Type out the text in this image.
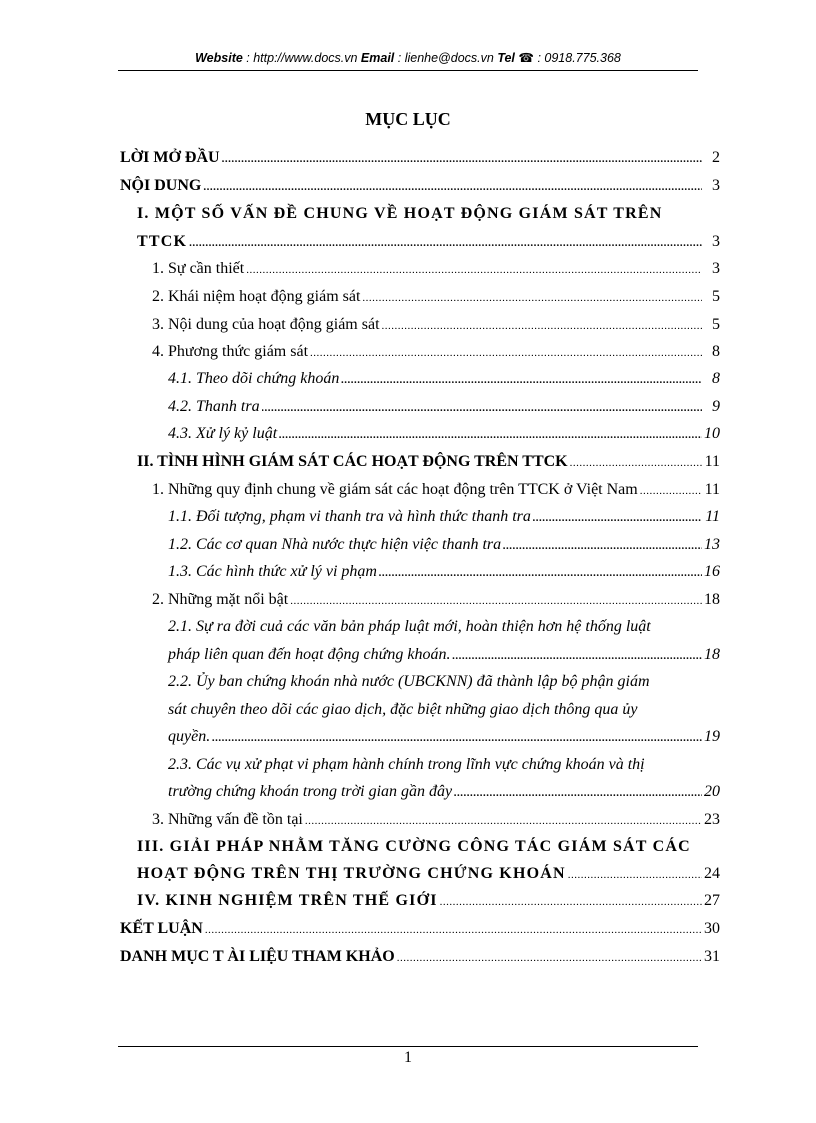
Website : http://www.docs.vn Email : lienhe@docs.vn Tel ☎ : 0918.775.368
MỤC LỤC
LỜI MỞ ĐẦU .....	2
NỘI DUNG .....	3
I. MỘT SỐ VẤN ĐỀ CHUNG VỀ HOẠT ĐỘNG GIÁM SÁT TRÊN
TTCK .....	3
1. Sự cần thiết .....	3
2. Khái niệm hoạt động giám sát .....	5
3. Nội dung của hoạt động giám sát .....	5
4. Phương thức giám sát .....	8
4.1. Theo dõi chứng khoán .....	8
4.2. Thanh tra .....	9
4.3. Xử lý kỷ luật .....	10
II. TÌNH HÌNH GIÁM SÁT CÁC HOẠT ĐỘNG TRÊN TTCK .....	11
1. Những quy định chung về giám sát các hoạt động trên TTCK ở Việt Nam .....	11
1.1. Đối tượng, phạm vi thanh tra và hình thức thanh tra .....	11
1.2. Các cơ quan Nhà nước thực hiện việc thanh tra .....	13
1.3. Các hình thức xử lý vi phạm .....	16
2. Những mặt nổi bật .....	18
2.1. Sự ra đời cuả các văn bản pháp luật mới, hoàn thiện hơn hệ thống luật
pháp liên quan đến hoạt động chứng khoán. .....	18
2.2. Ủy ban chứng khoán nhà nước (UBCKNN) đã thành lập bộ phận giám
sát chuyên theo dõi các giao dịch, đặc biệt những giao dịch thông qua ủy
quyền. .....	19
2.3. Các vụ xử phạt vi phạm hành chính trong lĩnh vực chứng khoán và thị
trường chứng khoán trong trời gian gần đây .....	20
3. Những vấn đề tồn tại .....	23
III. GIẢI PHÁP NHẰM TĂNG CƯỜNG CÔNG TÁC GIÁM SÁT CÁC
HOẠT ĐỘNG TRÊN THỊ TRƯỜNG CHỨNG KHOÁN .....	24
IV. KINH NGHIỆM TRÊN THẾ GIỚI .....	27
KẾT LUẬN .....	30
DANH MỤC T ÀI LIỆU THAM KHẢO .....	31
1
